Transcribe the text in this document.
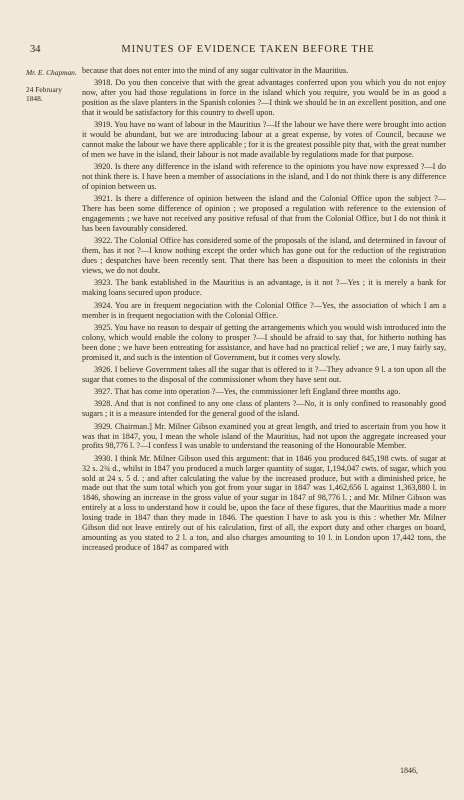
34	MINUTES OF EVIDENCE TAKEN BEFORE THE
Mr. E. Chapman.
24 February 1848.

because that does not enter into the mind of any sugar cultivator in the Mauritius.

3918. Do you then conceive that with the great advantages conferred upon you which you do not enjoy now, after you had those regulations in force in the island which you require, you would be in as good a position as the slave planters in the Spanish colonies ?—I think we should be in an excellent position, and one that it would be satisfactory for this country to dwell upon.

3919. You have no want of labour in the Mauritius ?—If the labour we have there were brought into action it would be abundant, but we are introducing labour at a great expense, by votes of Council, because we cannot make the labour we have there applicable ; for it is the greatest possible pity that, with the great number of men we have in the island, their labour is not made available by regulations made for that purpose.

3920. Is there any difference in the island with reference to the opinions you have now expressed ?—I do not think there is. I have been a member of associations in the island, and I do not think there is any difference of opinion between us.

3921. Is there a difference of opinion between the island and the Colonial Office upon the subject ?—There has been some difference of opinion ; we proposed a regulation with reference to the extension of engagements ; we have not received any positive refusal of that from the Colonial Office, but I do not think it has been favourably considered.

3922. The Colonial Office has considered some of the proposals of the island, and determined in favour of them, has it not ?—I know nothing except the order which has gone out for the reduction of the registration dues ; despatches have been recently sent. That there has been a disposition to meet the colonists in their views, we do not doubt.

3923. The bank established in the Mauritius is an advantage, is it not ?—Yes ; it is merely a bank for making loans secured upon produce.

3924. You are in frequent negociation with the Colonial Office ?—Yes, the association of which I am a member is in frequent negociation with the Colonial Office.

3925. You have no reason to despair of getting the arrangements which you would wish introduced into the colony, which would enable the colony to prosper ?—I should be afraid to say that, for hitherto nothing has been done ; we have been entreating for assistance, and have had no practical relief ; we are, I may fairly say, promised it, and such is the intention of Government, but it comes very slowly.

3926. I believe Government takes all the sugar that is offered to it ?—They advance 9 l. a ton upon all the sugar that comes to the disposal of the commissioner whom they have sent out.

3927. That has come into operation ?—Yes, the commissioner left England three months ago.

3928. And that is not confined to any one class of planters ?—No, it is only confined to reasonably good sugars ; it is a measure intended for the general good of the island.

3929. Chairman.] Mr. Milner Gibson examined you at great length, and tried to ascertain from you how it was that in 1847, you, I mean the whole island of the Mauritius, had not upon the aggregate increased your profits 98,776 l. ?—I confess I was unable to understand the reasoning of the Honourable Member.

3930. I think Mr. Milner Gibson used this argument: that in 1846 you produced 845,198 cwts. of sugar at 32 s. 2¾ d., whilst in 1847 you produced a much larger quantity of sugar, 1,194,047 cwts. of sugar, which you sold at 24 s. 5 d. ; and after calculating the value by the increased produce, but with a diminished price, he made out that the sum total which you got from your sugar in 1847 was 1,462,656 l. against 1,363,880 l. in 1846, showing an increase in the gross value of your sugar in 1847 of 98,776 l. ; and Mr. Milner Gibson was entirely at a loss to understand how it could be, upon the face of these figures, that the Mauritius made a more losing trade in 1847 than they made in 1846. The question I have to ask you is this : whether Mr. Milner Gibson did not leave entirely out of his calculation, first of all, the export duty and other charges on board, amounting as you stated to 2 l. a ton, and also charges amounting to 10 l. in London upon 17,442 tons, the increased produce of 1847 as compared with

1846,
